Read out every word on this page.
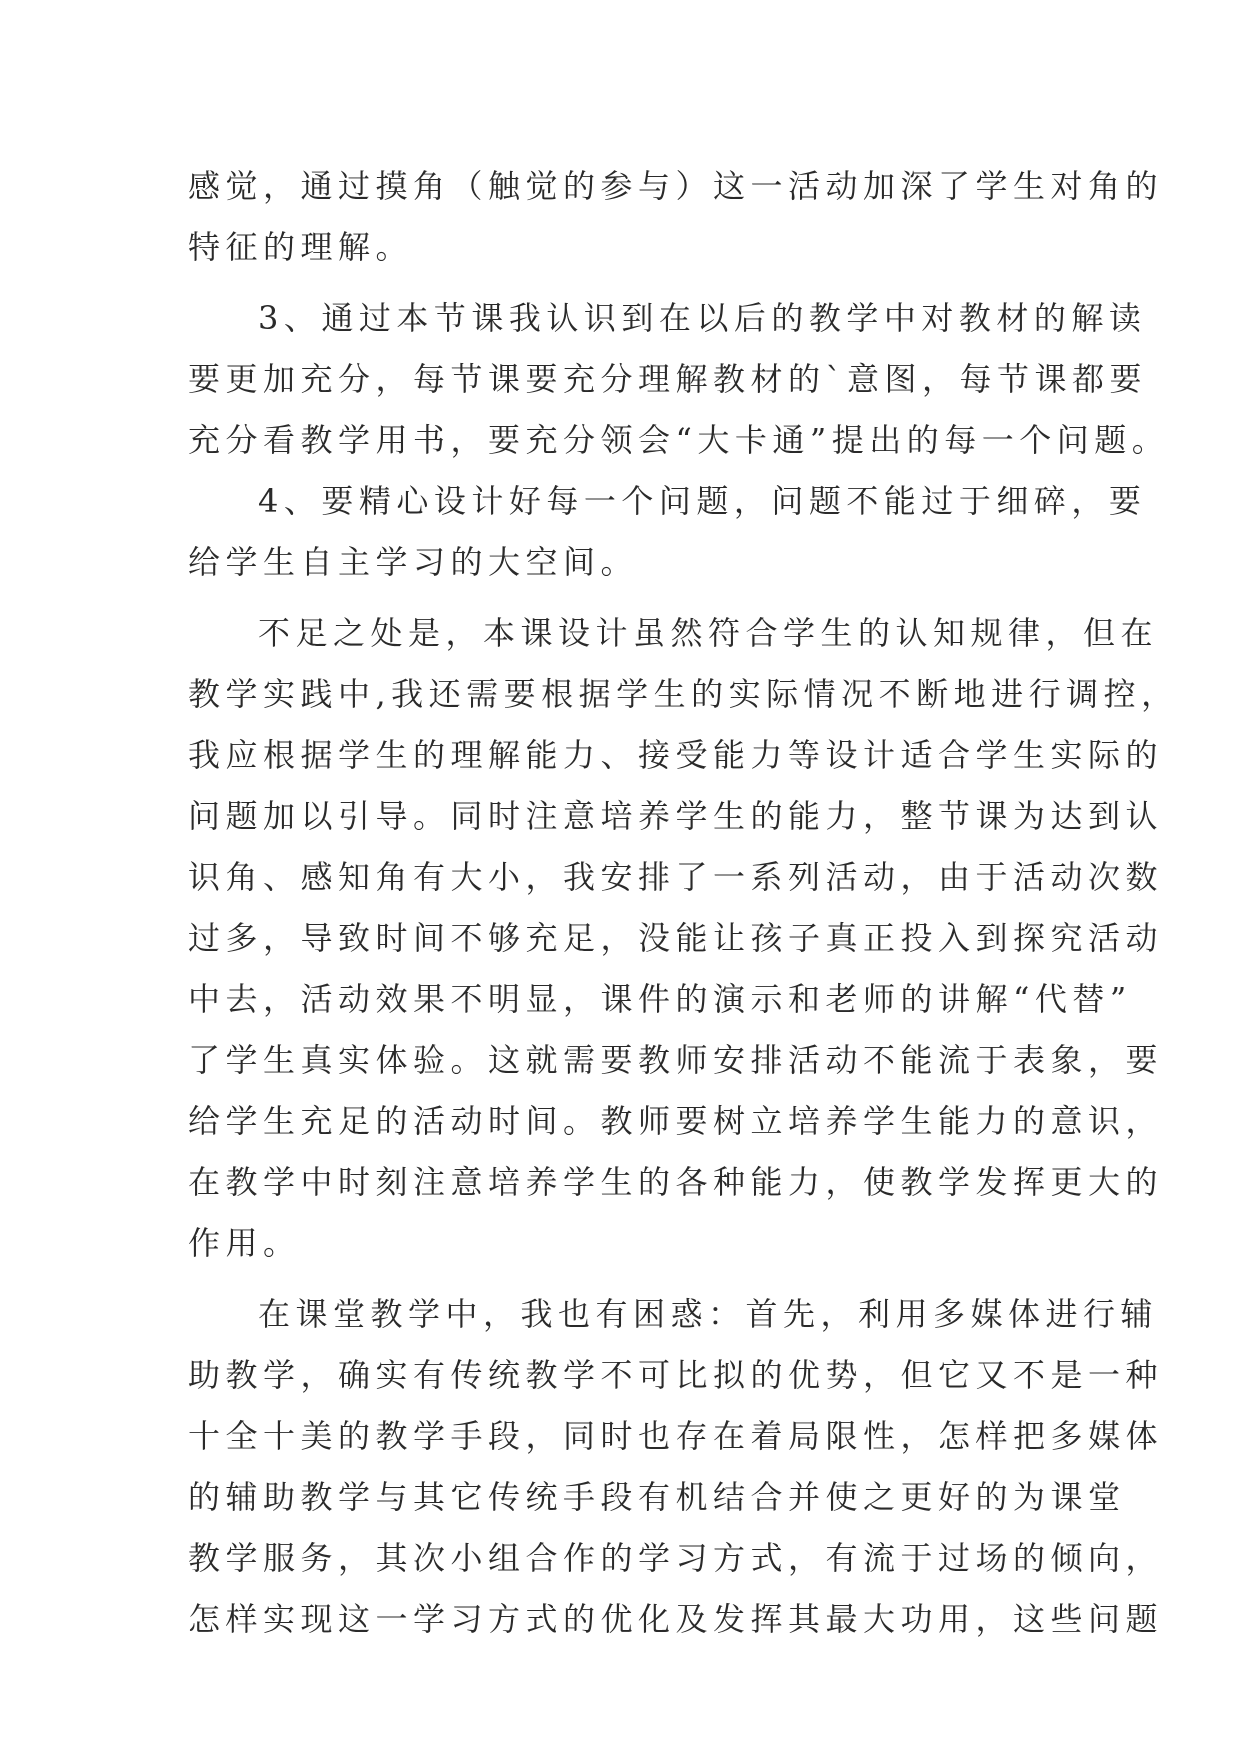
感觉，通过摸角（触觉的参与）这一活动加深了学生对角的
特征的理解。
3、通过本节课我认识到在以后的教学中对教材的解读
要更加充分，每节课要充分理解教材的`意图，每节课都要
充分看教学用书，要充分领会“大卡通”提出的每一个问题。
4、要精心设计好每一个问题，问题不能过于细碎，要
给学生自主学习的大空间。
不足之处是，本课设计虽然符合学生的认知规律，但在
教学实践中,我还需要根据学生的实际情况不断地进行调控，
我应根据学生的理解能力、接受能力等设计适合学生实际的
问题加以引导。同时注意培养学生的能力，整节课为达到认
识角、感知角有大小，我安排了一系列活动，由于活动次数
过多，导致时间不够充足，没能让孩子真正投入到探究活动
中去，活动效果不明显，课件的演示和老师的讲解“代替”
了学生真实体验。这就需要教师安排活动不能流于表象，要
给学生充足的活动时间。教师要树立培养学生能力的意识，
在教学中时刻注意培养学生的各种能力，使教学发挥更大的
作用。
在课堂教学中，我也有困惑：首先，利用多媒体进行辅
助教学，确实有传统教学不可比拟的优势，但它又不是一种
十全十美的教学手段，同时也存在着局限性，怎样把多媒体
的辅助教学与其它传统手段有机结合并使之更好的为课堂
教学服务，其次小组合作的学习方式，有流于过场的倾向，
怎样实现这一学习方式的优化及发挥其最大功用，这些问题
